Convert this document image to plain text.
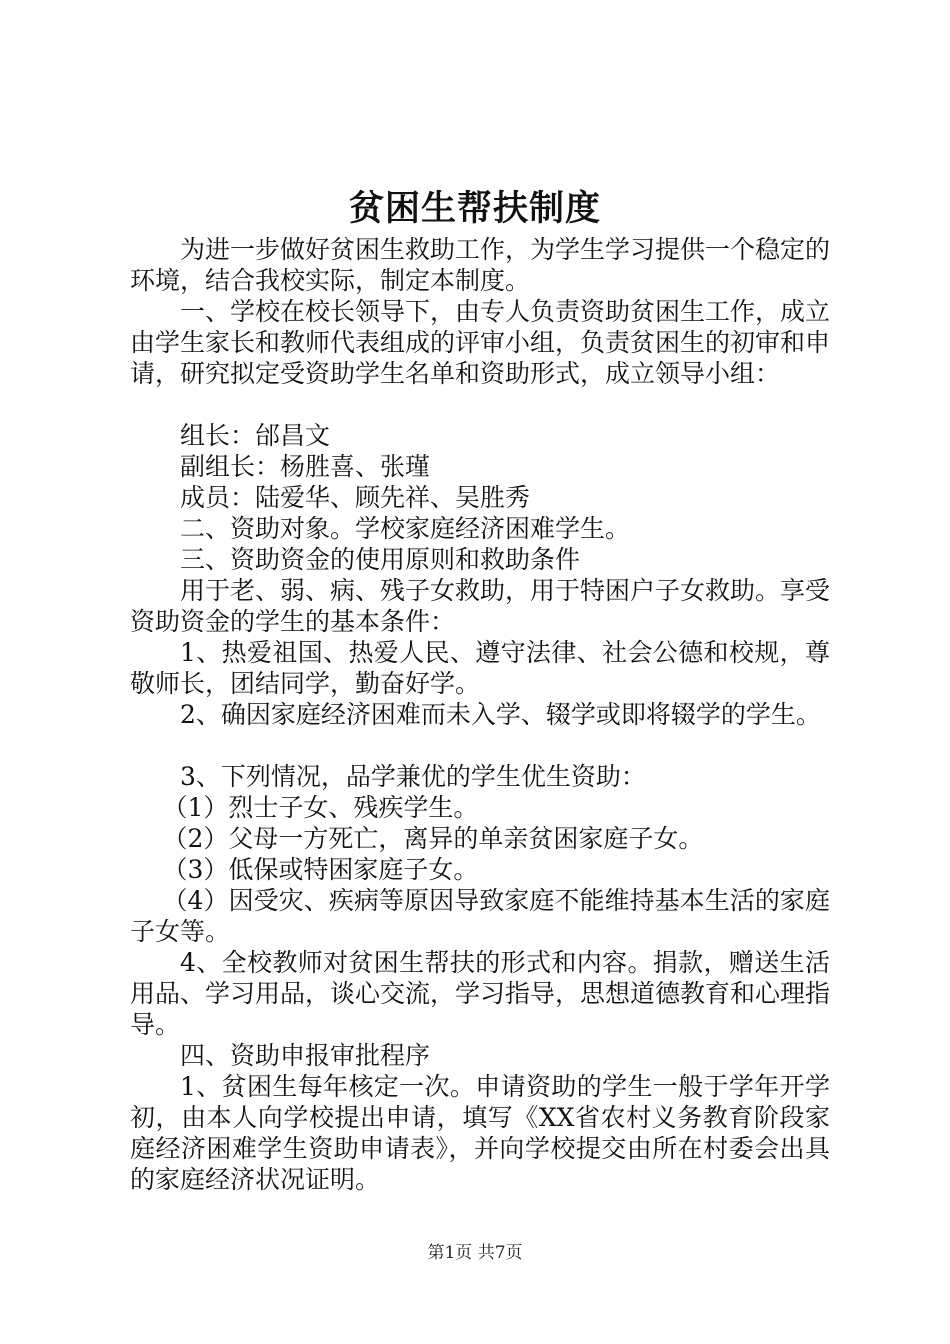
贫困生帮扶制度

为进一步做好贫困生救助工作，为学生学习提供一个稳定的环境，结合我校实际，制定本制度。

一、学校在校长领导下，由专人负责资助贫困生工作，成立由学生家长和教师代表组成的评审小组，负责贫困生的初审和申请，研究拟定受资助学生名单和资助形式，成立领导小组：

组长：邰昌文

副组长：杨胜喜、张瑾

成员：陆爱华、顾先祥、吴胜秀

二、资助对象。学校家庭经济困难学生。

三、资助资金的使用原则和救助条件

用于老、弱、病、残子女救助，用于特困户子女救助。享受资助资金的学生的基本条件：

1、热爱祖国、热爱人民、遵守法律、社会公德和校规，尊敬师长，团结同学，勤奋好学。

2、确因家庭经济困难而未入学、辍学或即将辍学的学生。

3、下列情况，品学兼优的学生优生资助：

（1）烈士子女、残疾学生。

（2）父母一方死亡，离异的单亲贫困家庭子女。

（3）低保或特困家庭子女。

（4）因受灾、疾病等原因导致家庭不能维持基本生活的家庭子女等。

4、全校教师对贫困生帮扶的形式和内容。捐款，赠送生活用品、学习用品，谈心交流，学习指导，思想道德教育和心理指导。

四、资助申报审批程序

1、贫困生每年核定一次。申请资助的学生一般于学年开学初，由本人向学校提出申请，填写《XX省农村义务教育阶段家庭经济困难学生资助申请表》，并向学校提交由所在村委会出具的家庭经济状况证明。

第1页 共7页
